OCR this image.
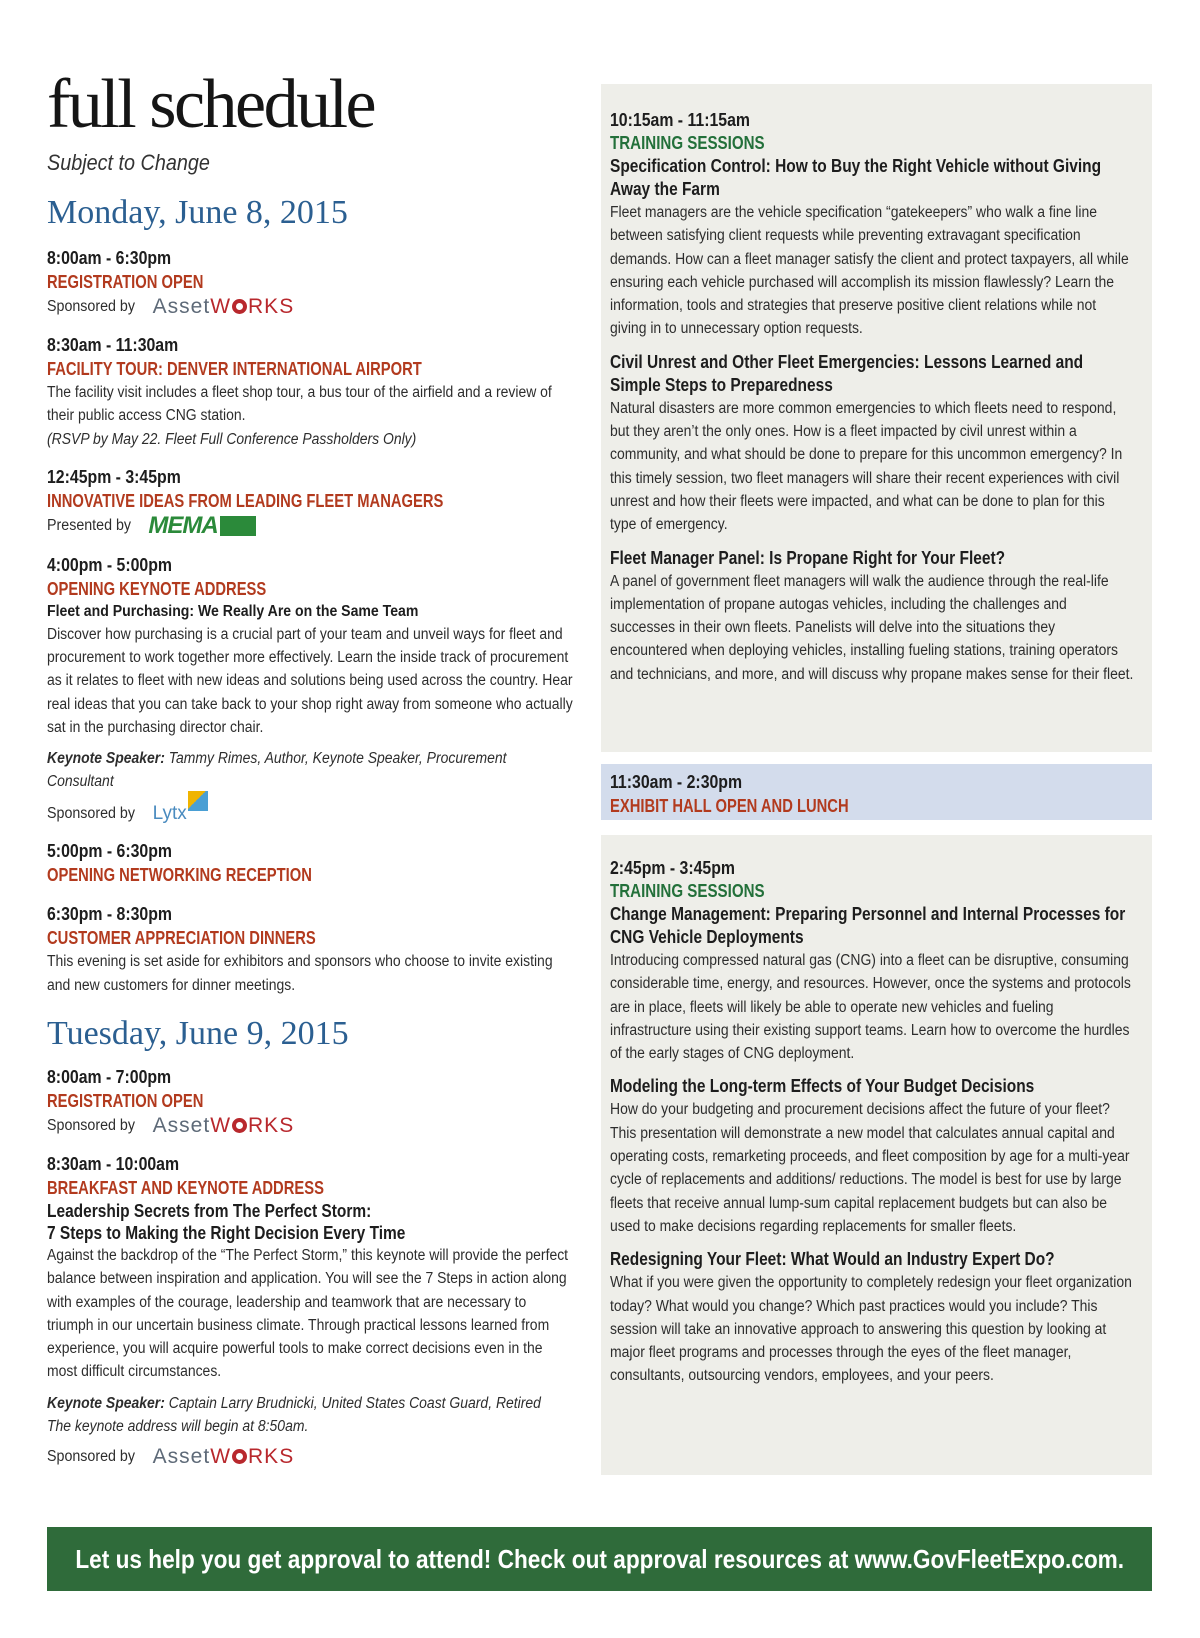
full schedule
Subject to Change
Monday, June 8, 2015
8:00am - 6:30pm
REGISTRATION OPEN
Sponsored by AssetW RKS
8:30am - 11:30am
FACILITY TOUR: DENVER INTERNATIONAL AIRPORT
The facility visit includes a fleet shop tour, a bus tour of the airfield and a review of their public access CNG station.
(RSVP by May 22. Fleet Full Conference Passholders Only)
12:45pm - 3:45pm
INNOVATIVE IDEAS FROM LEADING FLEET MANAGERS
Presented by MEMA
4:00pm - 5:00pm
OPENING KEYNOTE ADDRESS
Fleet and Purchasing: We Really Are on the Same Team
Discover how purchasing is a crucial part of your team and unveil ways for fleet and procurement to work together more effectively. Learn the inside track of procurement as it relates to fleet with new ideas and solutions being used across the country. Hear real ideas that you can take back to your shop right away from someone who actually sat in the purchasing director chair.
Keynote Speaker: Tammy Rimes, Author, Keynote Speaker, Procurement Consultant
Sponsored by Lytx
5:00pm - 6:30pm
OPENING NETWORKING RECEPTION
6:30pm - 8:30pm
CUSTOMER APPRECIATION DINNERS
This evening is set aside for exhibitors and sponsors who choose to invite existing and new customers for dinner meetings.
Tuesday, June 9, 2015
8:00am - 7:00pm
REGISTRATION OPEN
Sponsored by AssetW RKS
8:30am - 10:00am
BREAKFAST AND KEYNOTE ADDRESS
Leadership Secrets from The Perfect Storm:
7 Steps to Making the Right Decision Every Time
Against the backdrop of the “The Perfect Storm,” this keynote will provide the perfect balance between inspiration and application. You will see the 7 Steps in action along with examples of the courage, leadership and teamwork that are necessary to triumph in our uncertain business climate. Through practical lessons learned from experience, you will acquire powerful tools to make correct decisions even in the most difficult circumstances.
Keynote Speaker: Captain Larry Brudnicki, United States Coast Guard, Retired
The keynote address will begin at 8:50am.
Sponsored by AssetW RKS
10:15am - 11:15am
TRAINING SESSIONS
Specification Control: How to Buy the Right Vehicle without Giving Away the Farm
Fleet managers are the vehicle specification “gatekeepers” who walk a fine line between satisfying client requests while preventing extravagant specification demands. How can a fleet manager satisfy the client and protect taxpayers, all while ensuring each vehicle purchased will accomplish its mission flawlessly? Learn the information, tools and strategies that preserve positive client relations while not giving in to unnecessary option requests.
Civil Unrest and Other Fleet Emergencies: Lessons Learned and Simple Steps to Preparedness
Natural disasters are more common emergencies to which fleets need to respond, but they aren’t the only ones. How is a fleet impacted by civil unrest within a community, and what should be done to prepare for this uncommon emergency? In this timely session, two fleet managers will share their recent experiences with civil unrest and how their fleets were impacted, and what can be done to plan for this type of emergency.
Fleet Manager Panel: Is Propane Right for Your Fleet?
A panel of government fleet managers will walk the audience through the real-life implementation of propane autogas vehicles, including the challenges and successes in their own fleets. Panelists will delve into the situations they encountered when deploying vehicles, installing fueling stations, training operators and technicians, and more, and will discuss why propane makes sense for their fleet.
11:30am - 2:30pm
EXHIBIT HALL OPEN AND LUNCH
2:45pm - 3:45pm
TRAINING SESSIONS
Change Management: Preparing Personnel and Internal Processes for CNG Vehicle Deployments
Introducing compressed natural gas (CNG) into a fleet can be disruptive, consuming considerable time, energy, and resources. However, once the systems and protocols are in place, fleets will likely be able to operate new vehicles and fueling infrastructure using their existing support teams. Learn how to overcome the hurdles of the early stages of CNG deployment.
Modeling the Long-term Effects of Your Budget Decisions
How do your budgeting and procurement decisions affect the future of your fleet? This presentation will demonstrate a new model that calculates annual capital and operating costs, remarketing proceeds, and fleet composition by age for a multi-year cycle of replacements and additions/ reductions. The model is best for use by large fleets that receive annual lump-sum capital replacement budgets but can also be used to make decisions regarding replacements for smaller fleets.
Redesigning Your Fleet: What Would an Industry Expert Do?
What if you were given the opportunity to completely redesign your fleet organization today? What would you change? Which past practices would you include? This session will take an innovative approach to answering this question by looking at major fleet programs and processes through the eyes of the fleet manager, consultants, outsourcing vendors, employees, and your peers.
Let us help you get approval to attend! Check out approval resources at www.GovFleetExpo.com.
